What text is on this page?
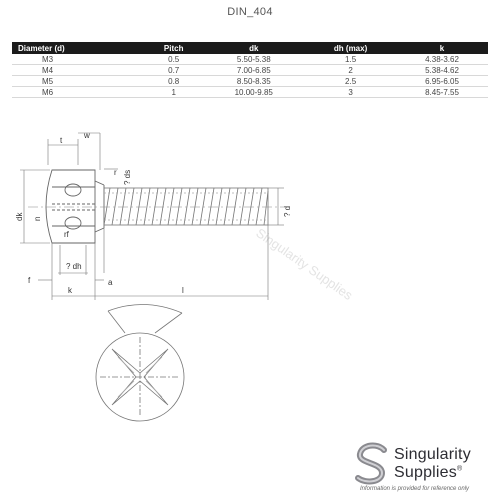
DIN_404
Diameter (d)	Pitch	dk	dh (max)	k
M3	0.5	5.50-5.38	1.5	4.38-3.62
M4	0.7	7.00-6.85	2	5.38-4.62
M5	0.8	8.50-8.35	2.5	6.95-6.05
M6	1	10.00-9.85	3	8.45-7.55
Singularity Supplies
t
w
r ? ds
dk n
rf
? d
f
? dh
a
k	l
Singularity
Supplies®
Information is provided for reference only
